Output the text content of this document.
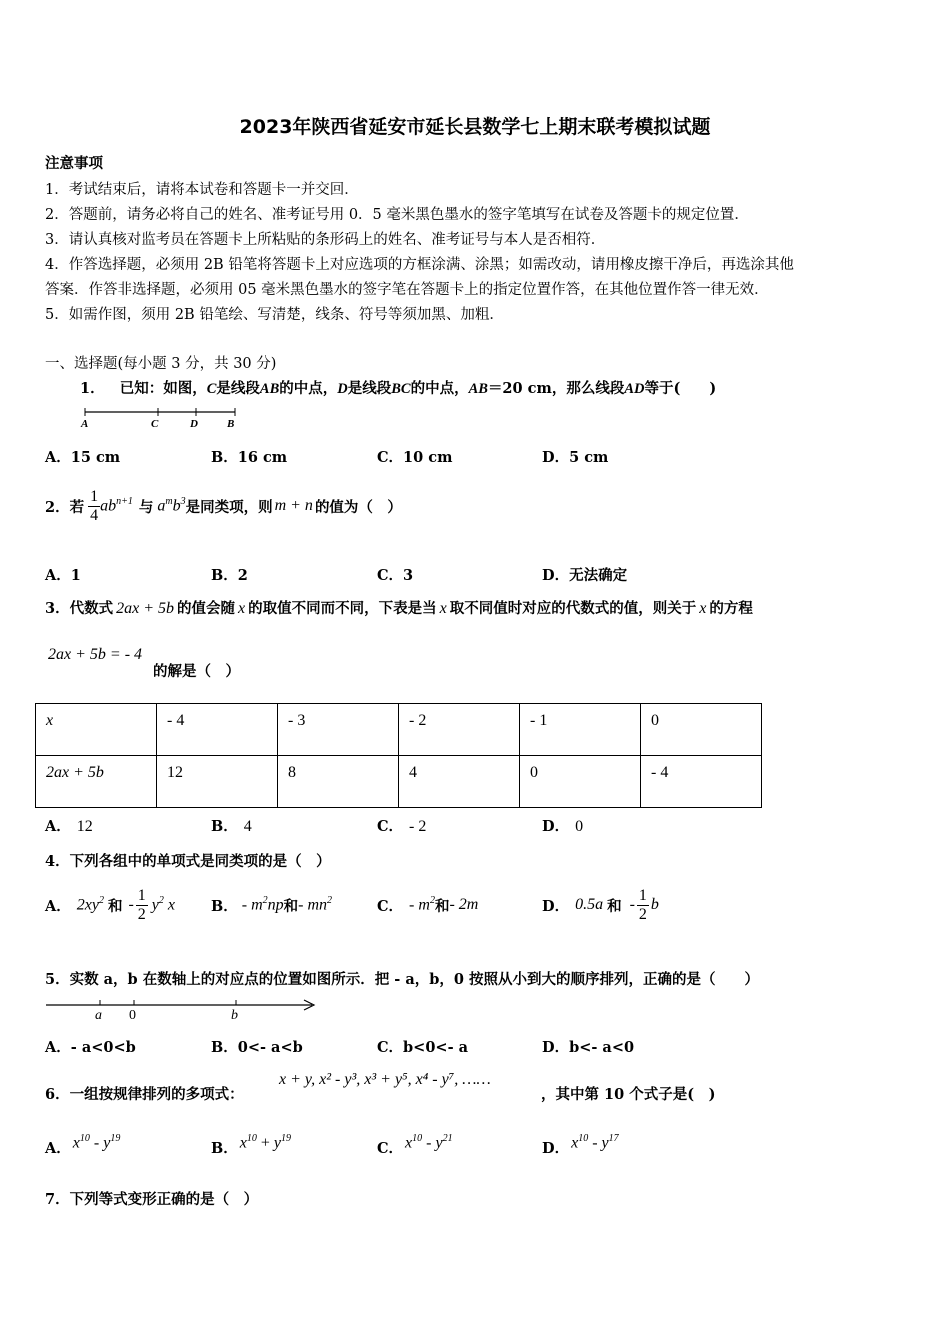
2023年陕西省延安市延长县数学七上期末联考模拟试题
注意事项
1．考试结束后，请将本试卷和答题卡一并交回．
2．答题前，请务必将自己的姓名、准考证号用 0．5 毫米黑色墨水的签字笔填写在试卷及答题卡的规定位置．
3．请认真核对监考员在答题卡上所粘贴的条形码上的姓名、准考证号与本人是否相符．
4．作答选择题，必须用 2B 铅笔将答题卡上对应选项的方框涂满、涂黑；如需改动，请用橡皮擦干净后，再选涂其他
答案．作答非选择题，必须用 05 毫米黑色墨水的签字笔在答题卡上的指定位置作答，在其他位置作答一律无效．
5．如需作图，须用 2B 铅笔绘、写清楚，线条、符号等须加黑、加粗．
一、选择题(每小题 3 分，共 30 分)
1． 已知：如图，C是线段AB的中点，D是线段BC的中点，AB＝20 cm，那么线段AD等于(　　)
A	C	D	B
A．15 cm	B．16 cm	C．10 cm	D．5 cm
2．若 $\frac{1}{4} ab^{n+1}$ 与 $a^mb^3$ 是同类项，则 m + n 的值为（　）
A．1	B．2	C．3	D．无法确定
3．代数式 2ax + 5b 的值会随 x 的取值不同而不同，下表是当 x 取不同值时对应的代数式的值，则关于 x 的方程
2ax + 5b = - 4
的解是（　）
x	- 4	- 3	- 2	- 1	0
2ax + 5b	12	8	4	0	- 4
A． 12	B． 4	C． - 2	D． 0
4．下列各组中的单项式是同类项的是（　）
A． $2xy^2$ 和 - $\frac{1}{2} y^2$ x B． - $m^2np$ 和 - $mn^2$	C． - $m^2$ 和 - 2m	D． 0.5a 和 - $\frac{1}{2}$ b
5．实数 a，b 在数轴上的对应点的位置如图所示．把 - a，b，0 按照从小到大的顺序排列，正确的是（　　）
a 0	b
A．- a<0<b	B．0<- a<b	C．b<0<- a	D．b<- a<0
6．一组按规律排列的多项式：
x + y, x² - y³, x³ + y⁵, x⁴ - y⁷, ……
，其中第 10 个式子是(　)
A． $x^{10} - y^{19}$
B． $x^{10} + y^{19}$
C． $x^{10} - y^{21}$
D． $x^{10} - y^{17}$
7．下列等式变形正确的是（　）
